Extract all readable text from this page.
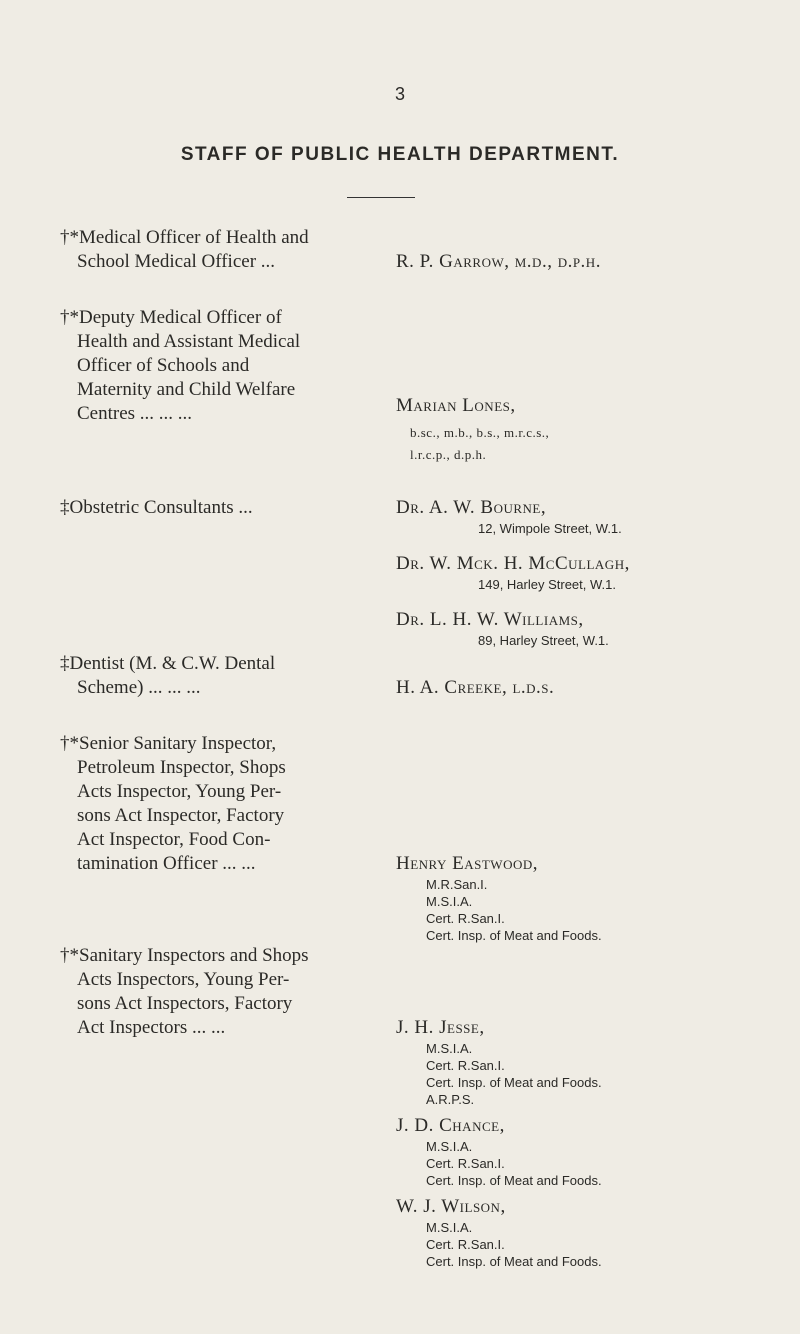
3
STAFF OF PUBLIC HEALTH DEPARTMENT.
†*Medical Officer of Health and
School Medical Officer ...	R. P. Garrow, m.d., d.p.h.
†*Deputy Medical Officer of
Health and Assistant Medical
Officer of Schools and
Maternity and Child Welfare
Centres ... ... ...	Marian Lones,
b.sc., m.b., b.s., m.r.c.s.,
l.r.c.p., d.p.h.
‡Obstetric Consultants ...	Dr. A. W. Bourne,
12, Wimpole Street, W.1.
Dr. W. Mck. H. McCullagh,
149, Harley Street, W.1.
Dr. L. H. W. Williams,
89, Harley Street, W.1.
‡Dentist (M. & C.W. Dental
Scheme) ... ... ...	H. A. Creeke, l.d.s.
†*Senior Sanitary Inspector,
Petroleum Inspector, Shops
Acts Inspector, Young Per-
sons Act Inspector, Factory
Act Inspector, Food Con-
tamination Officer ... ...	Henry Eastwood,
M.R.San.I.
M.S.I.A.
Cert. R.San.I.
Cert. Insp. of Meat and Foods.
†*Sanitary Inspectors and Shops
Acts Inspectors, Young Per-
sons Act Inspectors, Factory
Act Inspectors ... ...	J. H. Jesse,
M.S.I.A.
Cert. R.San.I.
Cert. Insp. of Meat and Foods.
A.R.P.S.
J. D. Chance,
M.S.I.A.
Cert. R.San.I.
Cert. Insp. of Meat and Foods.
W. J. Wilson,
M.S.I.A.
Cert. R.San.I.
Cert. Insp. of Meat and Foods.
